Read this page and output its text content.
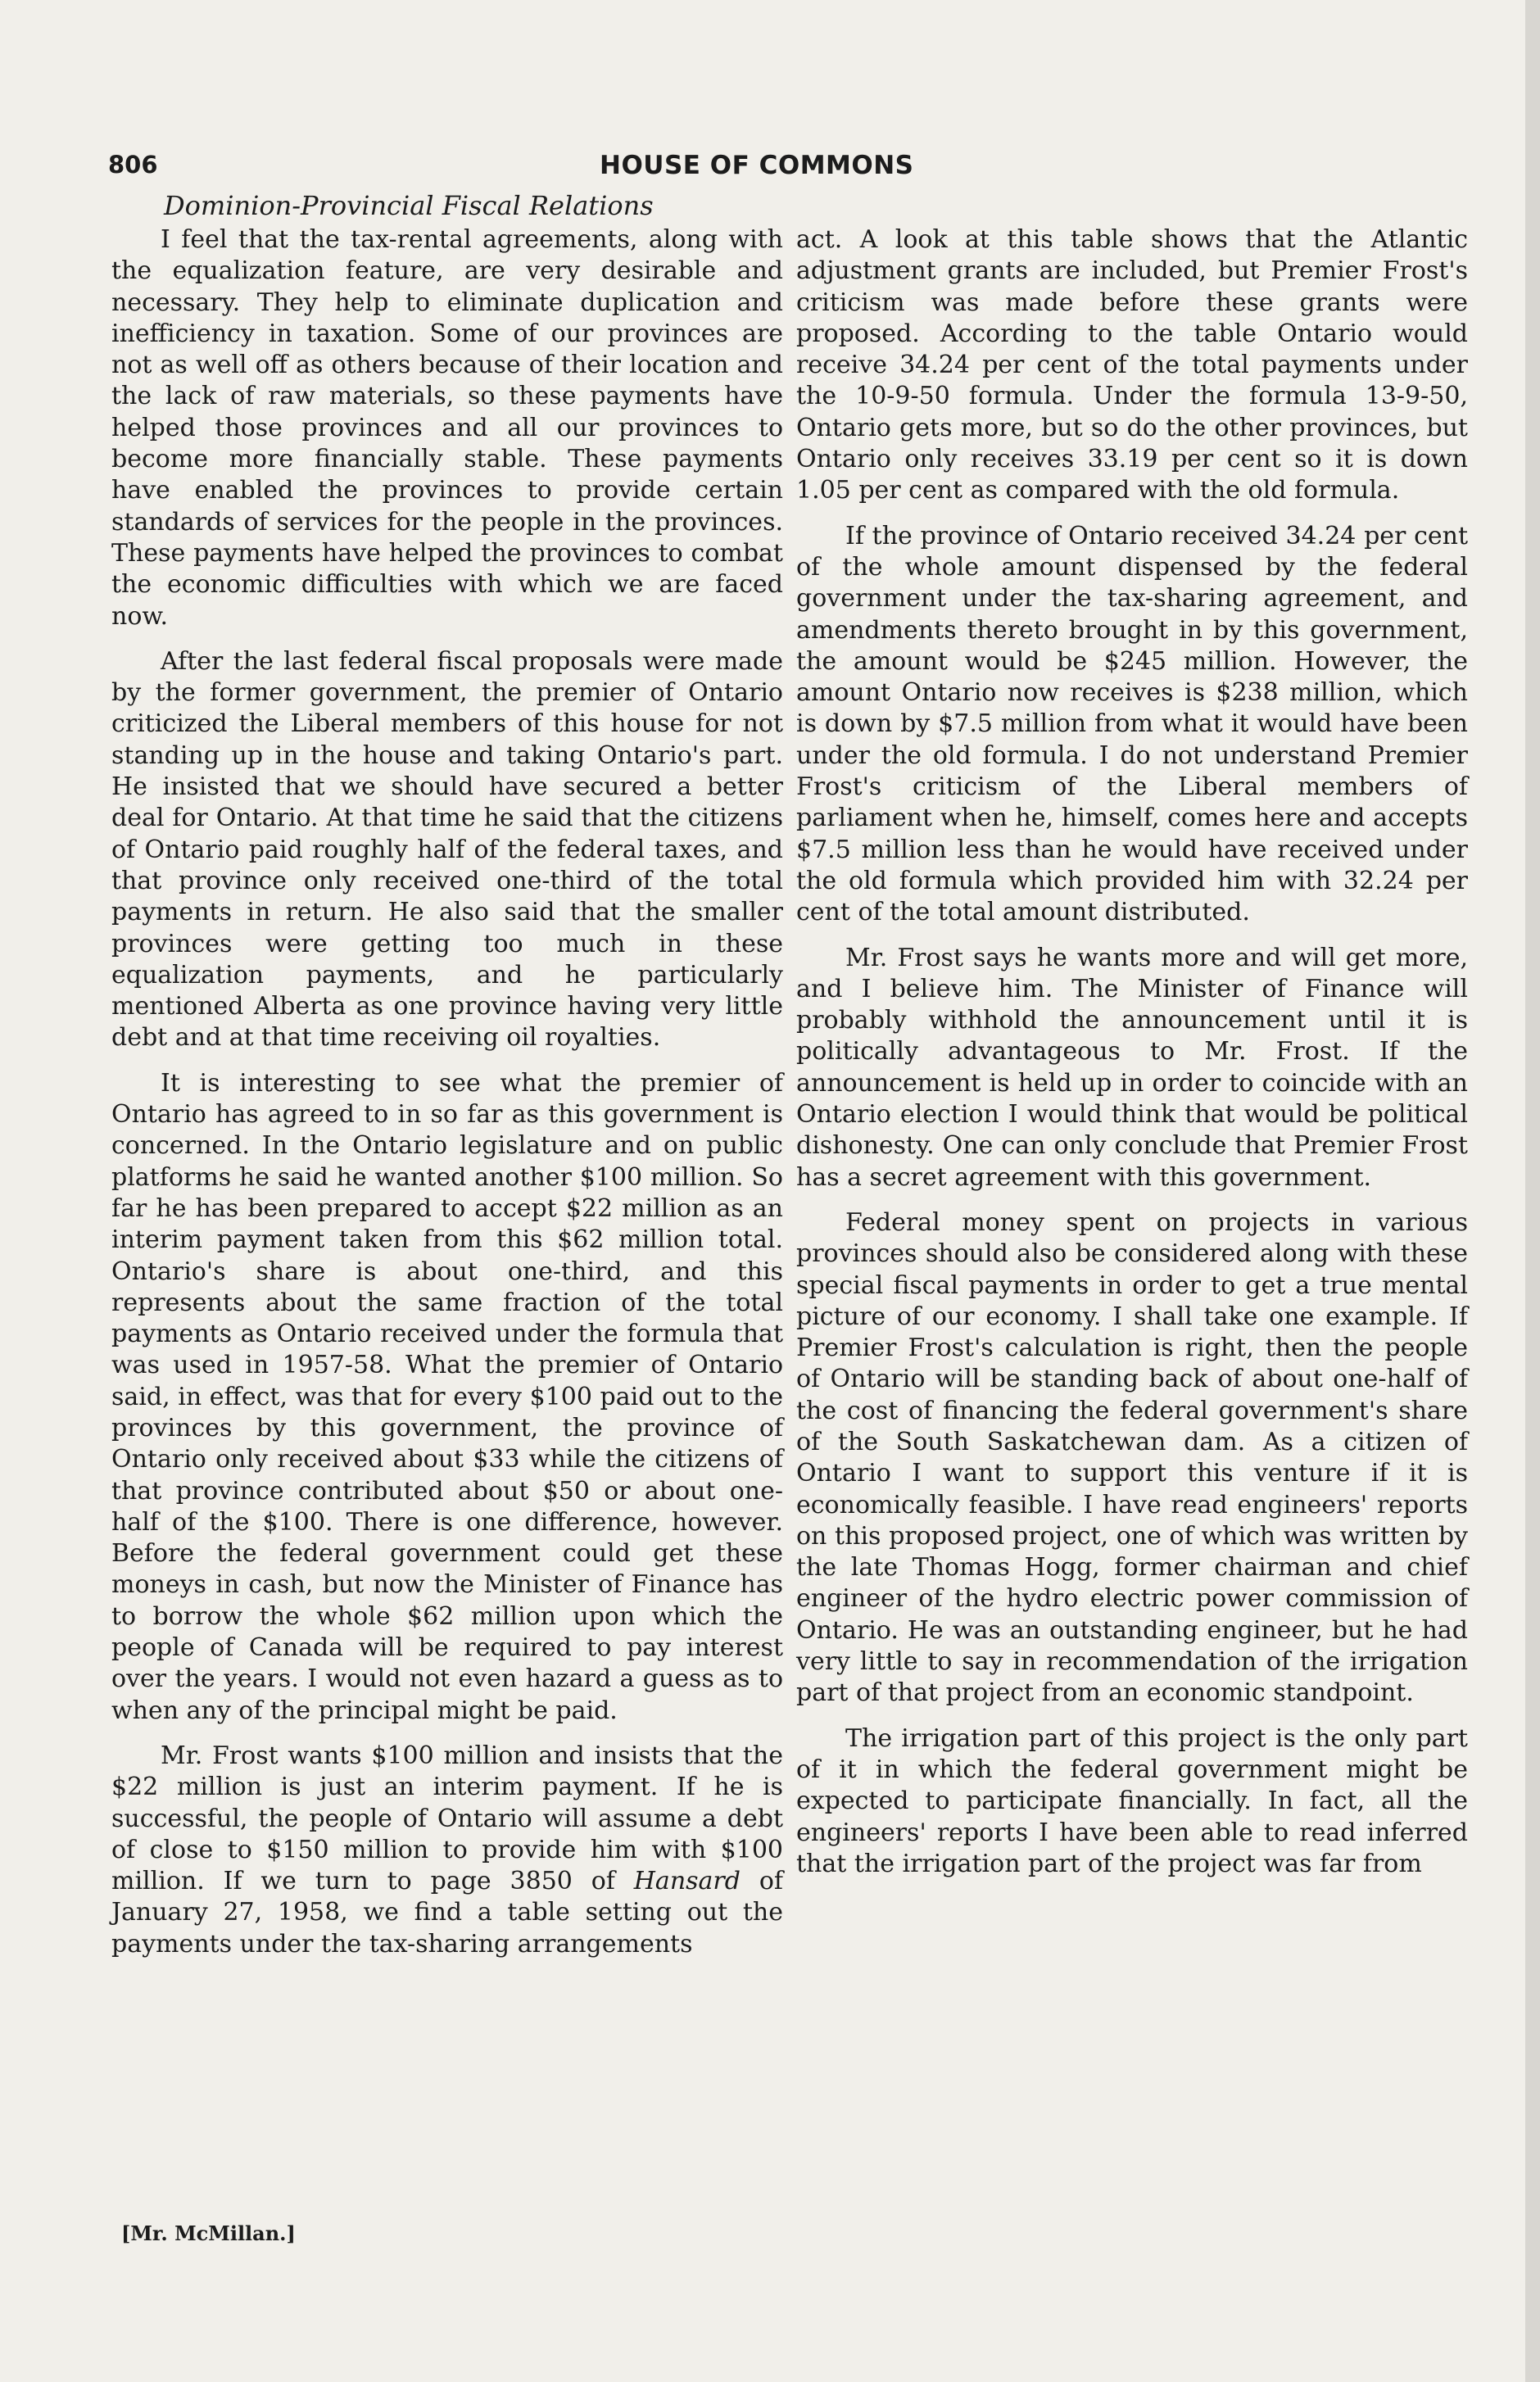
806	HOUSE OF COMMONS
Dominion-Provincial Fiscal Relations

I feel that the tax-rental agreements, along with the equalization feature, are very desirable and necessary. They help to eliminate duplication and inefficiency in taxation. Some of our provinces are not as well off as others because of their location and the lack of raw materials, so these payments have helped those provinces and all our provinces to become more financially stable. These payments have enabled the provinces to provide certain standards of services for the people in the provinces. These payments have helped the provinces to combat the economic difficulties with which we are faced now.

After the last federal fiscal proposals were made by the former government, the premier of Ontario criticized the Liberal members of this house for not standing up in the house and taking Ontario's part. He insisted that we should have secured a better deal for Ontario. At that time he said that the citizens of Ontario paid roughly half of the federal taxes, and that province only received one-third of the total payments in return. He also said that the smaller provinces were getting too much in these equalization payments, and he particularly mentioned Alberta as one province having very little debt and at that time receiving oil royalties.

It is interesting to see what the premier of Ontario has agreed to in so far as this government is concerned. In the Ontario legislature and on public platforms he said he wanted another $100 million. So far he has been prepared to accept $22 million as an interim payment taken from this $62 million total. Ontario's share is about one-third, and this represents about the same fraction of the total payments as Ontario received under the formula that was used in 1957-58. What the premier of Ontario said, in effect, was that for every $100 paid out to the provinces by this government, the province of Ontario only received about $33 while the citizens of that province contributed about $50 or about one-half of the $100. There is one difference, however. Before the federal government could get these moneys in cash, but now the Minister of Finance has to borrow the whole $62 million upon which the people of Canada will be required to pay interest over the years. I would not even hazard a guess as to when any of the principal might be paid.

Mr. Frost wants $100 million and insists that the $22 million is just an interim payment. If he is successful, the people of Ontario will assume a debt of close to $150 million to provide him with $100 million. If we turn to page 3850 of Hansard of January 27, 1958, we find a table setting out the payments under the tax-sharing arrangements

act. A look at this table shows that the Atlantic adjustment grants are included, but Premier Frost's criticism was made before these grants were proposed. According to the table Ontario would receive 34.24 per cent of the total payments under the 10-9-50 formula. Under the formula 13-9-50, Ontario gets more, but so do the other provinces, but Ontario only receives 33.19 per cent so it is down 1.05 per cent as compared with the old formula.

If the province of Ontario received 34.24 per cent of the whole amount dispensed by the federal government under the tax-sharing agreement, and amendments thereto brought in by this government, the amount would be $245 million. However, the amount Ontario now receives is $238 million, which is down by $7.5 million from what it would have been under the old formula. I do not understand Premier Frost's criticism of the Liberal members of parliament when he, himself, comes here and accepts $7.5 million less than he would have received under the old formula which provided him with 32.24 per cent of the total amount distributed.

Mr. Frost says he wants more and will get more, and I believe him. The Minister of Finance will probably withhold the announcement until it is politically advantageous to Mr. Frost. If the announcement is held up in order to coincide with an Ontario election I would think that would be political dishonesty. One can only conclude that Premier Frost has a secret agreement with this government.

Federal money spent on projects in various provinces should also be considered along with these special fiscal payments in order to get a true mental picture of our economy. I shall take one example. If Premier Frost's calculation is right, then the people of Ontario will be standing back of about one-half of the cost of financing the federal government's share of the South Saskatchewan dam. As a citizen of Ontario I want to support this venture if it is economically feasible. I have read engineers' reports on this proposed project, one of which was written by the late Thomas Hogg, former chairman and chief engineer of the hydro electric power commission of Ontario. He was an outstanding engineer, but he had very little to say in recommendation of the irrigation part of that project from an economic standpoint.

The irrigation part of this project is the only part of it in which the federal government might be expected to participate financially. In fact, all the engineers' reports I have been able to read inferred that the irrigation part of the project was far from

[Mr. McMillan.]
